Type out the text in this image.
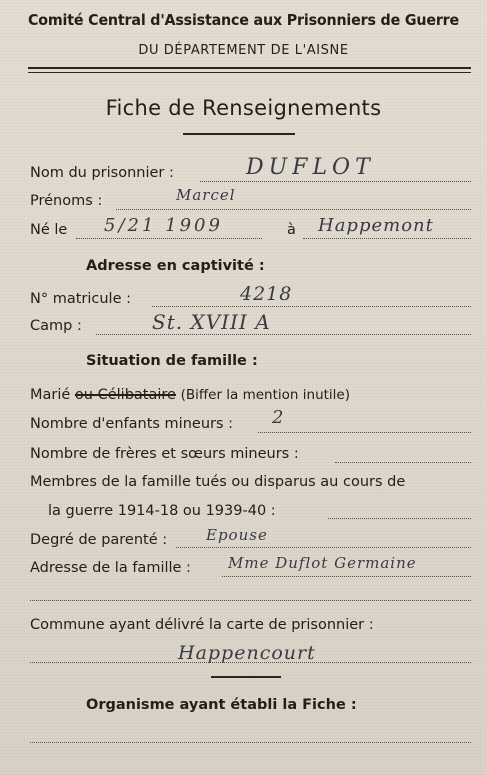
Comité Central d'Assistance aux Prisonniers de Guerre
DU DÉPARTEMENT DE L'AISNE
Fiche de Renseignements
Nom du prisonnier :	DUFLOT
Prénoms :	Marcel
Né le 5/21 1909	à Happemont
Adresse en captivité :
N° matricule :	4218
Camp :	St. XVIII A
Situation de famille :
Marié ou Célibataire (Biffer la mention inutile)
Nombre d'enfants mineurs : 2
Nombre de frères et sœurs mineurs :
Membres de la famille tués ou disparus au cours de
la guerre 1914-18 ou 1939-40 :
Degré de parenté :	Epouse
Adresse de la famille : Mme Duflot Germaine
Commune ayant délivré la carte de prisonnier :
Happencourt
Organisme ayant établi la Fiche :
